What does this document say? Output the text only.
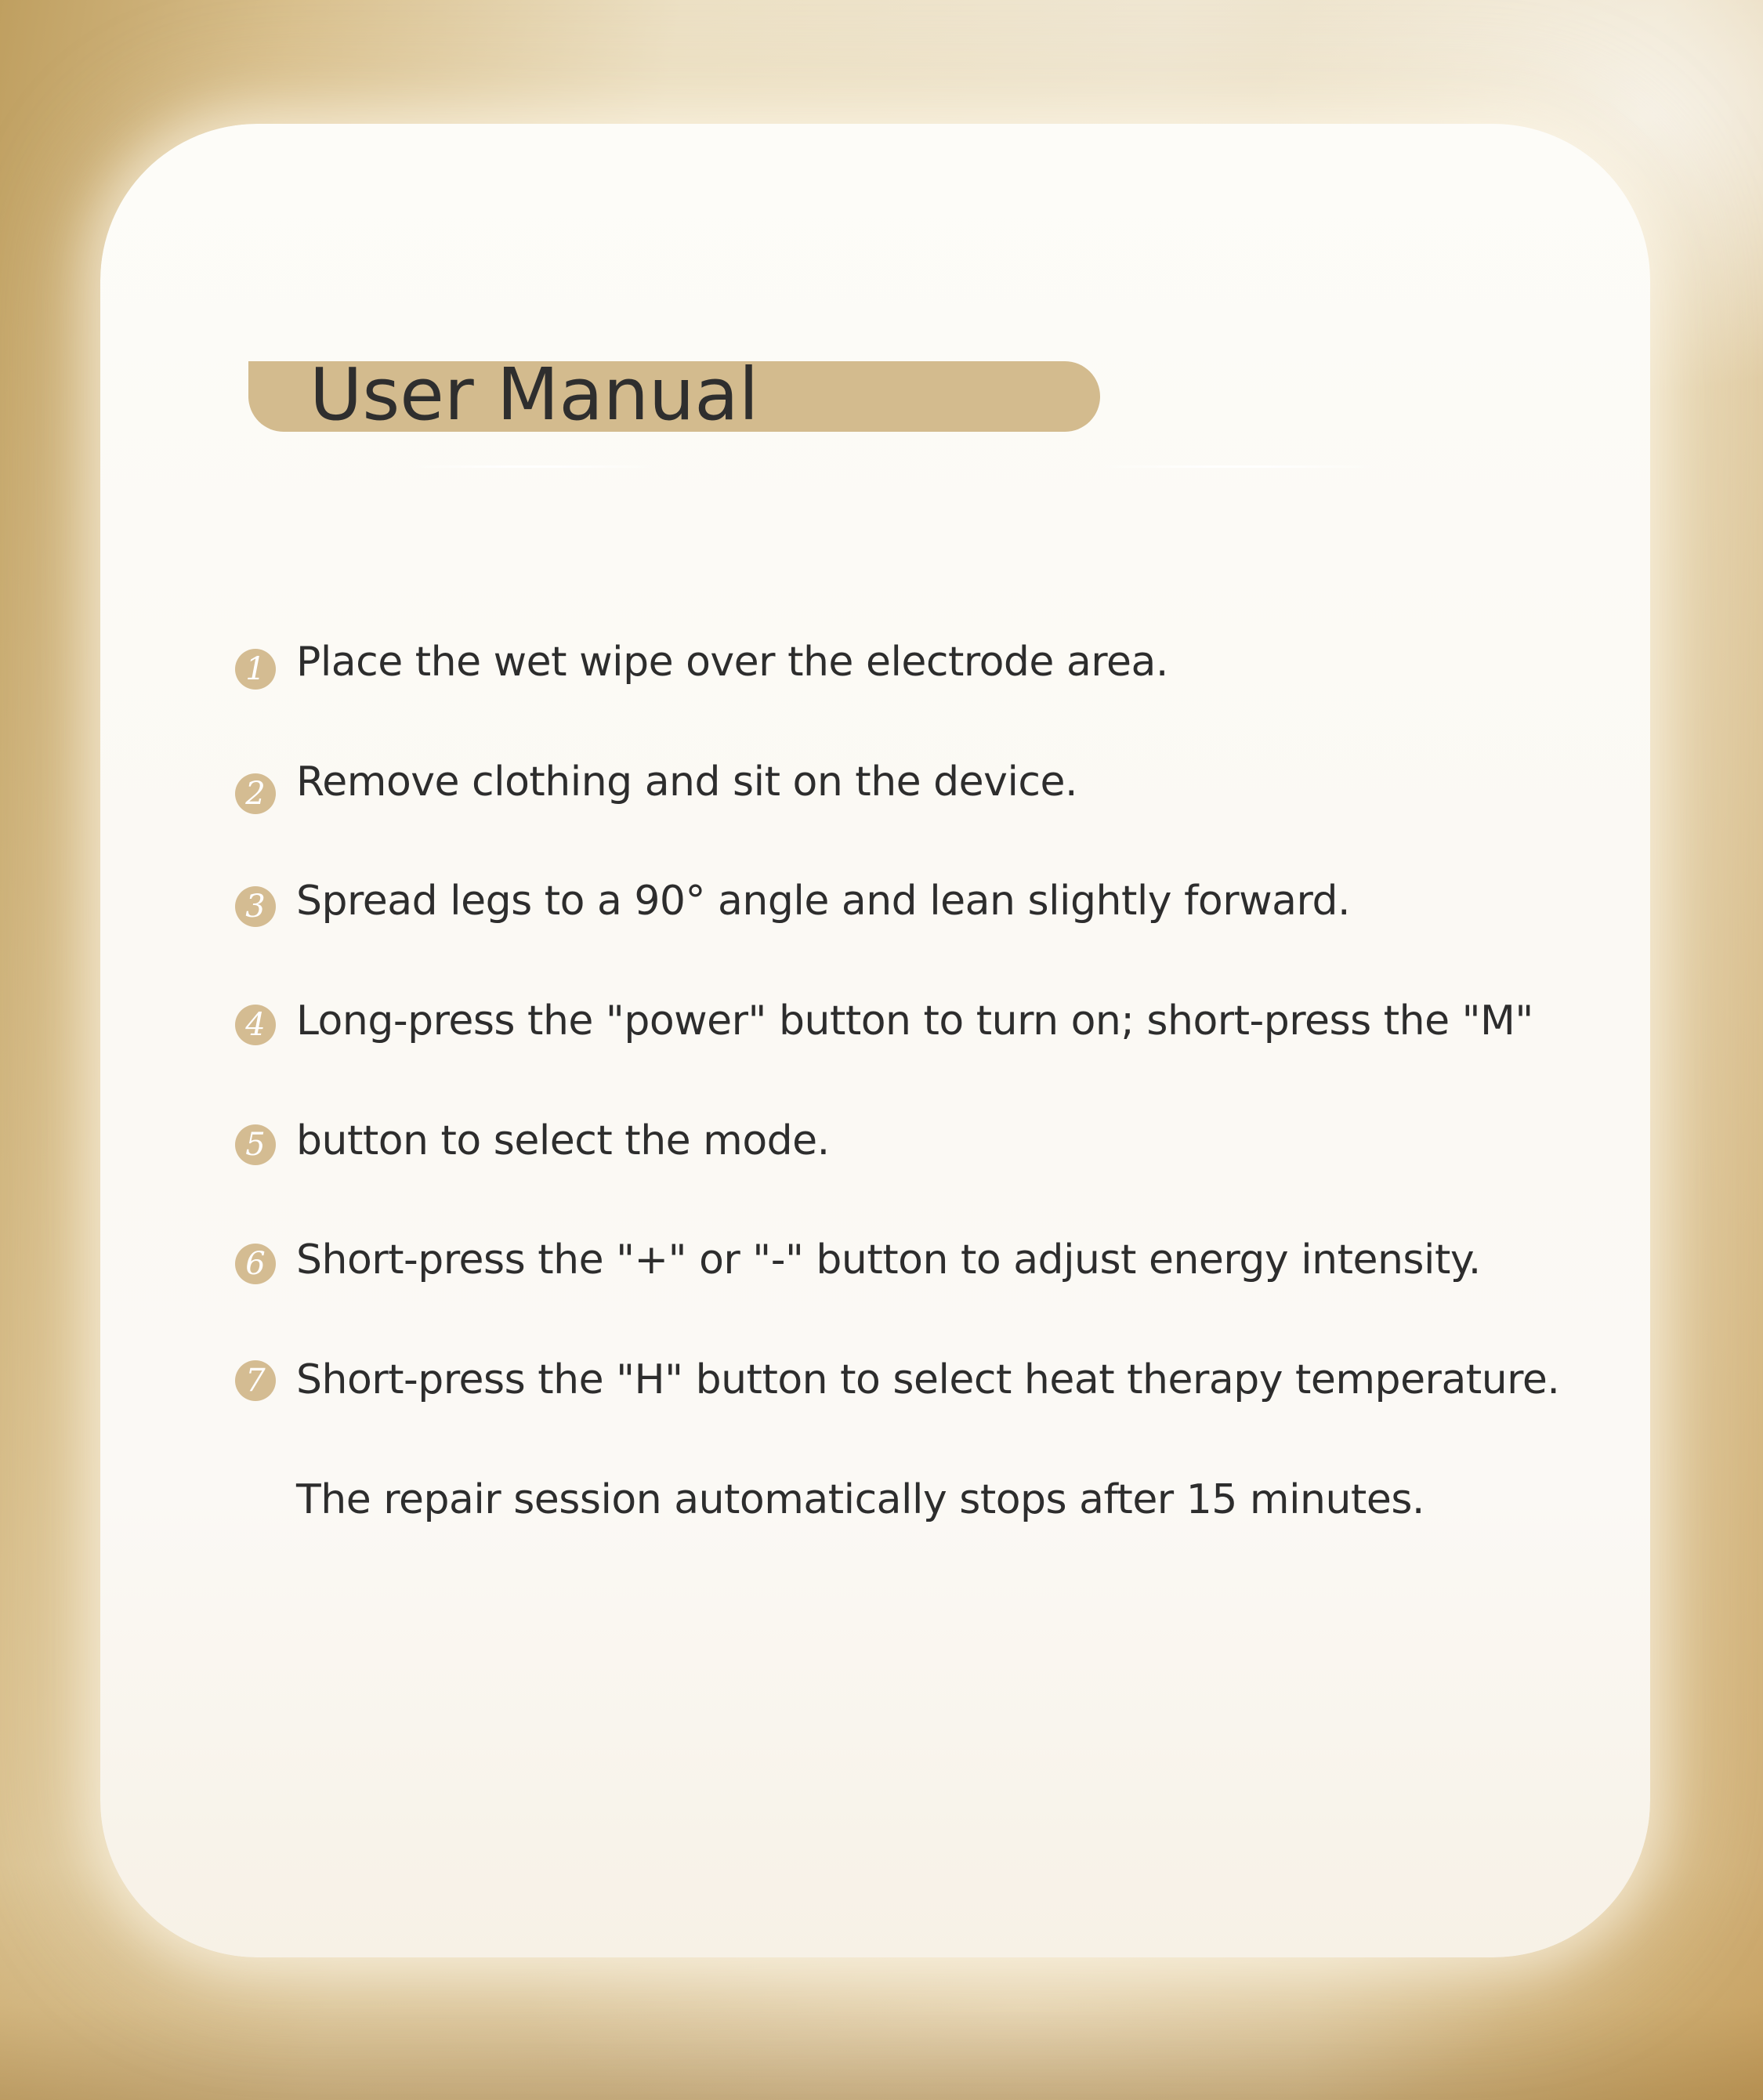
User Manual
1 Place the wet wipe over the electrode area.
2 Remove clothing and sit on the device.
3 Spread legs to a 90° angle and lean slightly forward.
4 Long-press the "power" button to turn on; short-press the "M"
5 button to select the mode.
6 Short-press the "+" or "-" button to adjust energy intensity.
7 Short-press the "H" button to select heat therapy temperature.
The repair session automatically stops after 15 minutes.
